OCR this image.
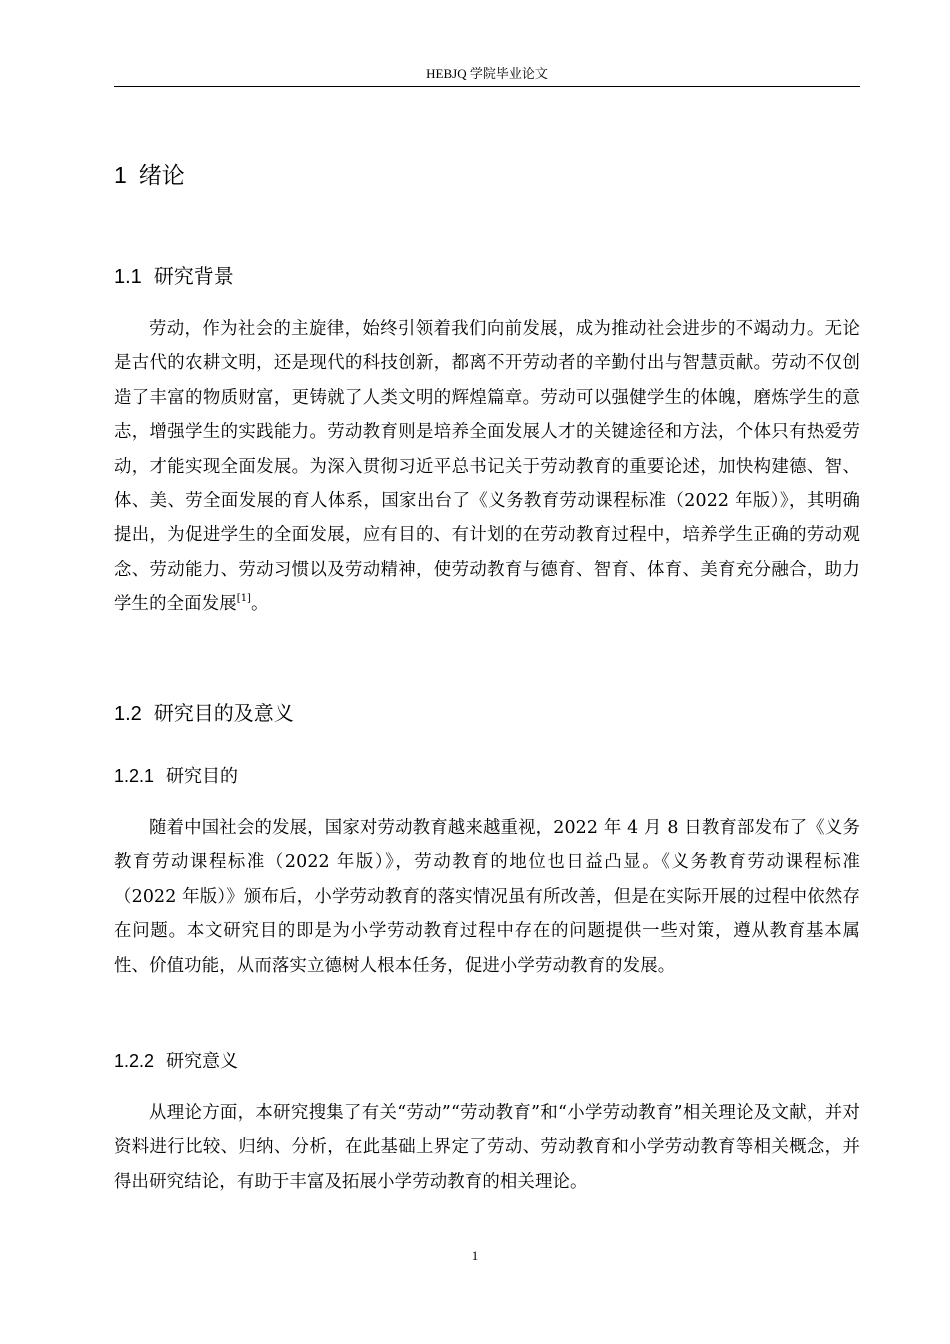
HEBJQ 学院毕业论文
1 绪论
1.1 研究背景

劳动，作为社会的主旋律，始终引领着我们向前发展，成为推动社会进步的不竭动力。无论是古代的农耕文明，还是现代的科技创新，都离不开劳动者的辛勤付出与智慧贡献。劳动不仅创造了丰富的物质财富，更铸就了人类文明的辉煌篇章。劳动可以强健学生的体魄，磨炼学生的意志，增强学生的实践能力。劳动教育则是培养全面发展人才的关键途径和方法，个体只有热爱劳动，才能实现全面发展。为深入贯彻习近平总书记关于劳动教育的重要论述，加快构建德、智、体、美、劳全面发展的育人体系，国家出台了《义务教育劳动课程标准（2022 年版）》，其明确提出，为促进学生的全面发展，应有目的、有计划的在劳动教育过程中，培养学生正确的劳动观念、劳动能力、劳动习惯以及劳动精神，使劳动教育与德育、智育、体育、美育充分融合，助力学生的全面发展[1]。

1.2 研究目的及意义
1.2.1 研究目的

随着中国社会的发展，国家对劳动教育越来越重视，2022 年 4 月 8 日教育部发布了《义务教育劳动课程标准（2022 年版）》，劳动教育的地位也日益凸显。《义务教育劳动课程标准（2022 年版）》颁布后，小学劳动教育的落实情况虽有所改善，但是在实际开展的过程中依然存在问题。本文研究目的即是为小学劳动教育过程中存在的问题提供一些对策，遵从教育基本属性、价值功能，从而落实立德树人根本任务，促进小学劳动教育的发展。

1.2.2 研究意义

从理论方面，本研究搜集了有关“劳动”“劳动教育”和“小学劳动教育”相关理论及文献，并对资料进行比较、归纳、分析，在此基础上界定了劳动、劳动教育和小学劳动教育等相关概念，并得出研究结论，有助于丰富及拓展小学劳动教育的相关理论。

1
